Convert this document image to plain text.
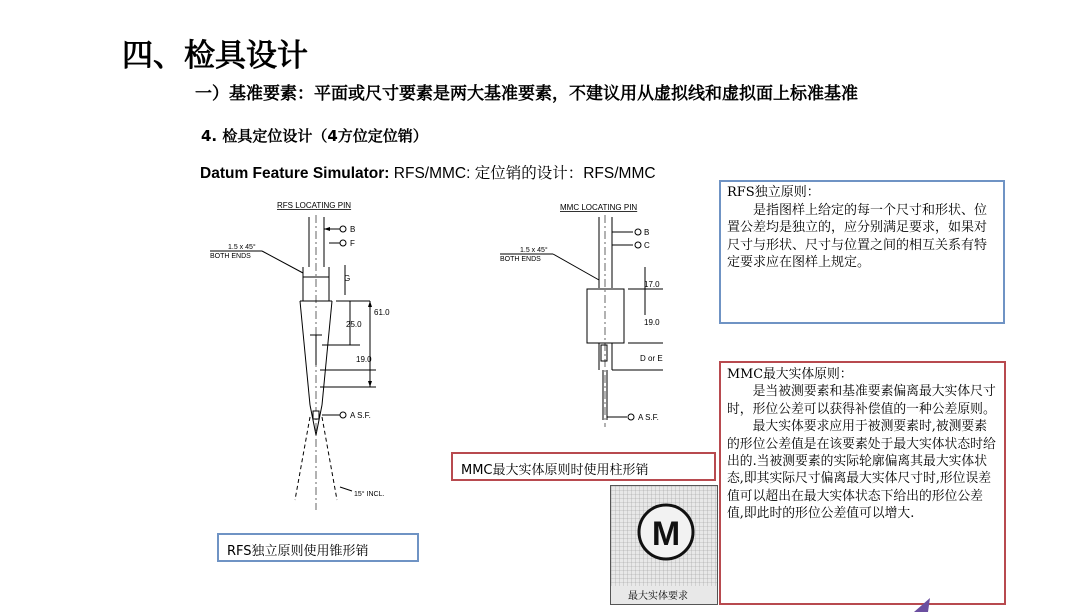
四、检具设计
一）基准要素：平面或尺寸要素是两大基准要素，不建议用从虚拟线和虚拟面上标准基准
4. 检具定位设计（4方位定位销）
Datum Feature Simulator: RFS/MMC: 定位销的设计：RFS/MMC
RFS LOCATING PIN
B
F
1.5 x 45°
BOTH ENDS
G
61.0
25.0
19.0
A S.F.
15° INCL.
MMC LOCATING PIN
B
C
1.5 x 45°
BOTH ENDS
17.0
19.0
D or E
A S.F.
RFS独立原则：
是指图样上给定的每一个尺寸和形状、位置公差均是独立的，应分别满足要求，如果对尺寸与形状、尺寸与位置之间的相互关系有特定要求应在图样上规定。
MMC最大实体原则：
是当被测要素和基准要素偏离最大实体尺寸时，形位公差可以获得补偿值的一种公差原则。
最大实体要求应用于被测要素时,被测要素的形位公差值是在该要素处于最大实体状态时给出的.当被测要素的实际轮廓偏离其最大实体状态,即其实际尺寸偏离最大实体尺寸时,形位误差值可以超出在最大实体状态下给出的形位公差值,即此时的形位公差值可以增大.
M
最大实体要求
MMC最大实体原则时使用柱形销
RFS独立原则使用锥形销
